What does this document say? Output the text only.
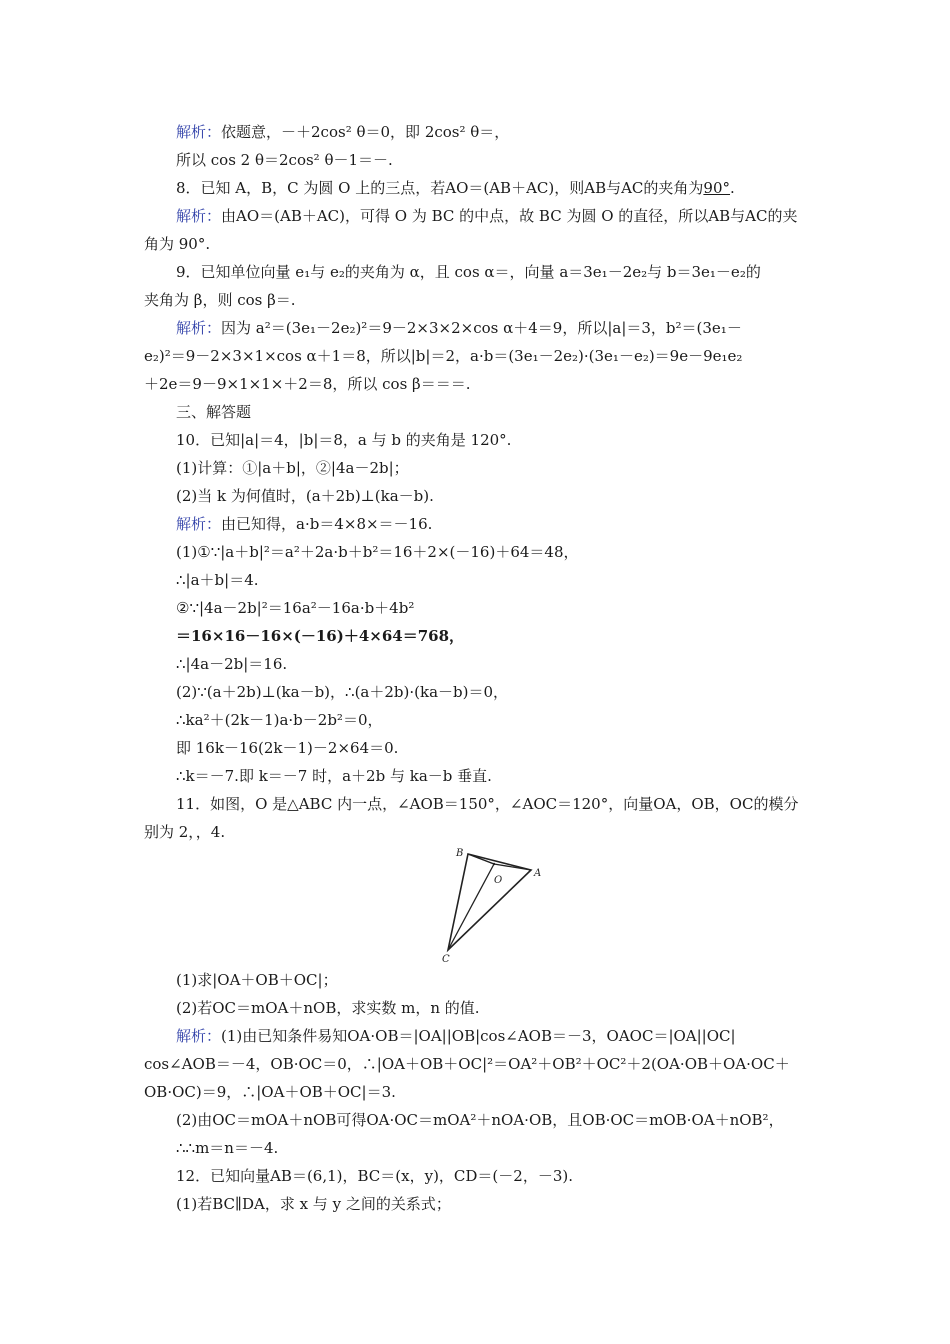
解析：依题意，－＋2cos² θ＝0，即 2cos² θ＝，
所以 cos 2 θ＝2cos² θ－1＝－.
8．已知 A，B，C 为圆 O 上的三点，若AO＝(AB＋AC)，则AB与AC的夹角为90°.
解析：由AO＝(AB＋AC)，可得 O 为 BC 的中点，故 BC 为圆 O 的直径，所以AB与AC的夹
角为 90°.
9．已知单位向量 e₁与 e₂的夹角为 α，且 cos α＝，向量 a＝3e₁－2e₂与 b＝3e₁－e₂的
夹角为 β，则 cos β＝.
解析：因为 a²＝(3e₁－2e₂)²＝9－2×3×2×cos α＋4＝9，所以|a|＝3，b²＝(3e₁－
e₂)²＝9－2×3×1×cos α＋1＝8，所以|b|＝2，a·b＝(3e₁－2e₂)·(3e₁－e₂)＝9e－9e₁e₂
＋2e＝9－9×1×1×＋2＝8，所以 cos β＝＝＝.
三、解答题
10．已知|a|＝4，|b|＝8，a 与 b 的夹角是 120°.
(1)计算：①|a＋b|，②|4a－2b|；
(2)当 k 为何值时，(a＋2b)⊥(ka－b).
解析：由已知得，a·b＝4×8×＝－16.
(1)①∵|a＋b|²＝a²＋2a·b＋b²＝16＋2×(－16)＋64＝48，
∴|a＋b|＝4.
②∵|4a－2b|²＝16a²－16a·b＋4b²
＝16×16－16×(－16)＋4×64＝768，
∴|4a－2b|＝16.
(2)∵(a＋2b)⊥(ka－b)，∴(a＋2b)·(ka－b)＝0，
∴ka²＋(2k－1)a·b－2b²＝0，
即 16k－16(2k－1)－2×64＝0.
∴k＝－7.即 k＝－7 时，a＋2b 与 ka－b 垂直.
11．如图，O 是△ABC 内一点，∠AOB＝150°，∠AOC＝120°，向量OA，OB，OC的模分
别为 2，，4.
(1)求|OA＋OB＋OC|；
(2)若OC＝mOA＋nOB，求实数 m，n 的值.
解析：(1)由已知条件易知OA·OB＝|OA||OB|cos∠AOB＝－3，OAOC＝|OA||OC|
cos∠AOB＝－4，OB·OC＝0，∴|OA＋OB＋OC|²＝OA²＋OB²＋OC²＋2(OA·OB＋OA·OC＋
OB·OC)＝9，∴|OA＋OB＋OC|＝3.
(2)由OC＝mOA＋nOB可得OA·OC＝mOA²＋nOA·OB，且OB·OC＝mOB·OA＋nOB²，
∴∴m＝n＝－4.
12．已知向量AB＝(6,1)，BC＝(x，y)，CD＝(－2，－3).
(1)若BC∥DA，求 x 与 y 之间的关系式；
B
O
A
C
